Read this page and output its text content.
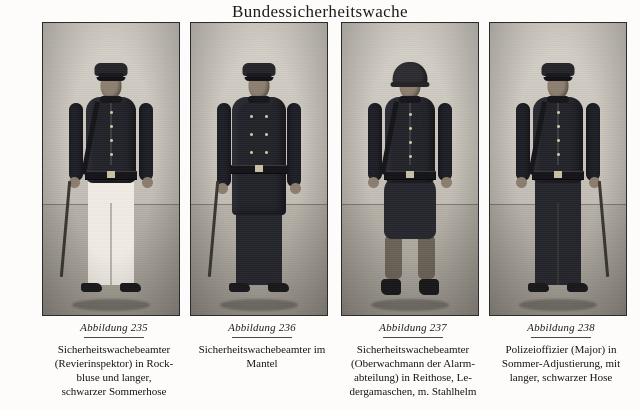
Bundessicherheitswache
Abbildung 235
Sicherheitswachebeamter
(Revierinspektor) in Rock-
bluse und langer,
schwarzer Sommerhose
Abbildung 236
Sicherheitswachebeamter im
Mantel
Abbildung 237
Sicherheitswachebeamter
(Oberwachmann der Alarm-
abteilung) in Reithose, Le-
dergamaschen, m. Stahlhelm
Abbildung 238
Polizeioffizier (Major) in
Sommer-Adjustierung, mit
langer, schwarzer Hose
